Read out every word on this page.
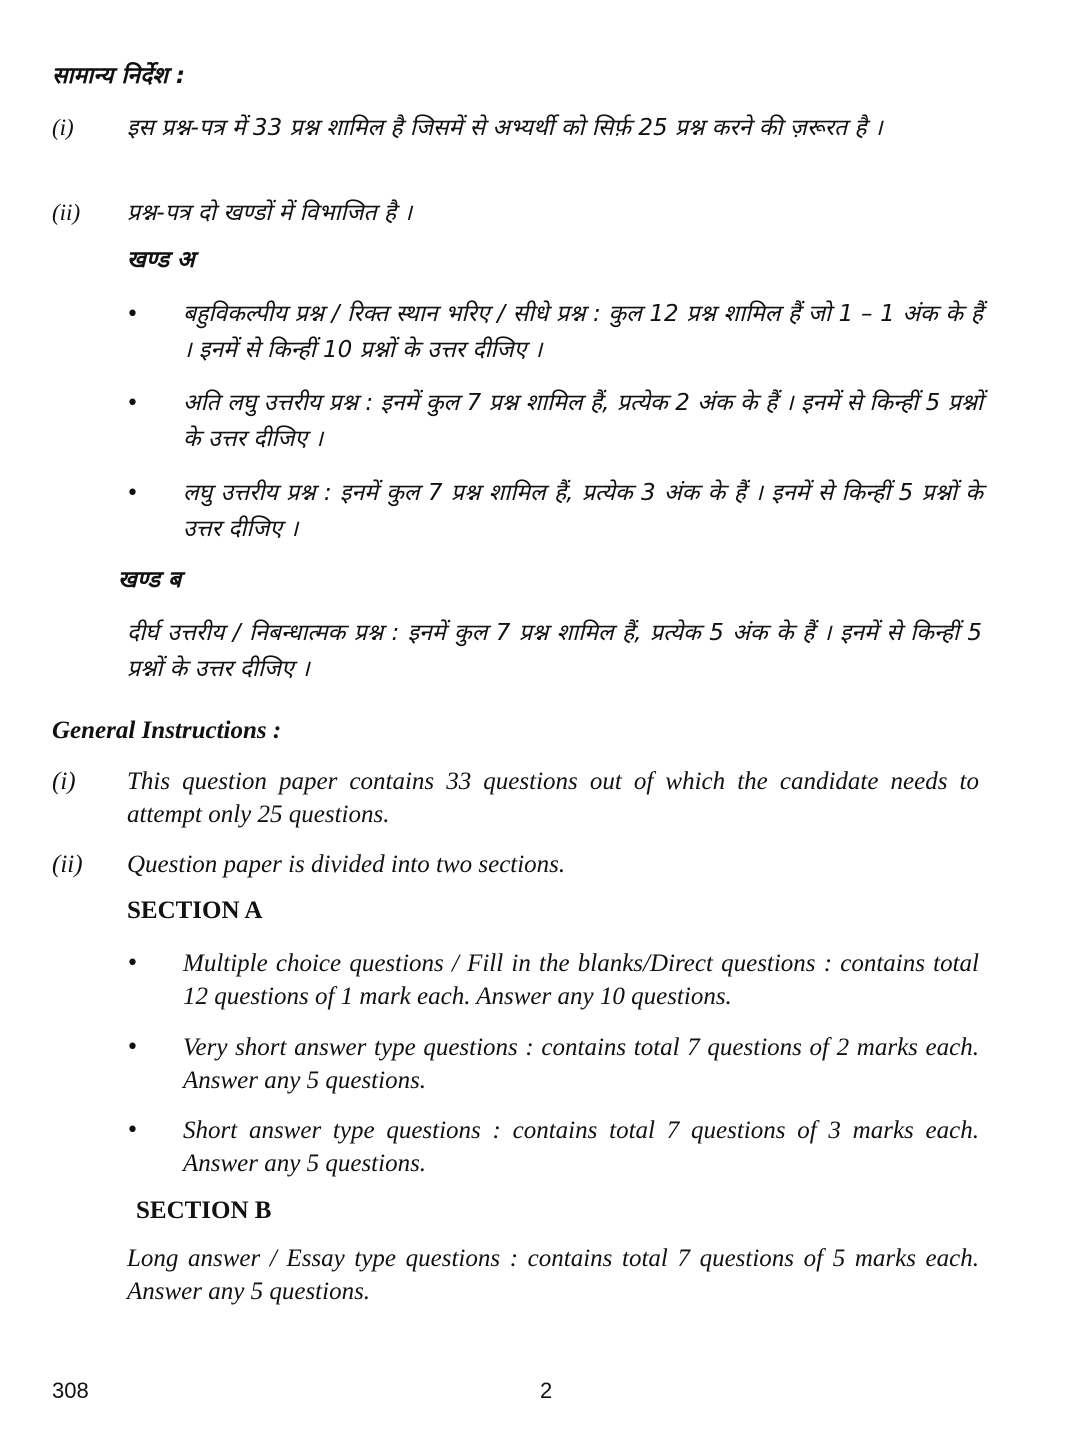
सामान्य निर्देश :
(i) इस प्रश्न-पत्र में 33 प्रश्न शामिल है जिसमें से अभ्यर्थी को सिर्फ़ 25 प्रश्न करने की ज़रूरत है ।
(ii) प्रश्न-पत्र दो खण्डों में विभाजित है ।
खण्ड अ
• बहुविकल्पीय प्रश्न / रिक्त स्थान भरिए / सीधे प्रश्न : कुल 12 प्रश्न शामिल हैं जो 1 – 1 अंक के हैं । इनमें से किन्हीं 10 प्रश्नों के उत्तर दीजिए ।
• अति लघु उत्तरीय प्रश्न : इनमें कुल 7 प्रश्न शामिल हैं, प्रत्येक 2 अंक के हैं । इनमें से किन्हीं 5 प्रश्नों के उत्तर दीजिए ।
• लघु उत्तरीय प्रश्न : इनमें कुल 7 प्रश्न शामिल हैं, प्रत्येक 3 अंक के हैं । इनमें से किन्हीं 5 प्रश्नों के उत्तर दीजिए ।
खण्ड ब
दीर्घ उत्तरीय / निबन्धात्मक प्रश्न : इनमें कुल 7 प्रश्न शामिल हैं, प्रत्येक 5 अंक के हैं । इनमें से किन्हीं 5 प्रश्नों के उत्तर दीजिए ।
General Instructions :
(i) This question paper contains 33 questions out of which the candidate needs to attempt only 25 questions.
(ii) Question paper is divided into two sections.
SECTION A
• Multiple choice questions / Fill in the blanks/Direct questions : contains total 12 questions of 1 mark each. Answer any 10 questions.
• Very short answer type questions : contains total 7 questions of 2 marks each. Answer any 5 questions.
• Short answer type questions : contains total 7 questions of 3 marks each. Answer any 5 questions.
SECTION B
Long answer / Essay type questions : contains total 7 questions of 5 marks each. Answer any 5 questions.
308	2
